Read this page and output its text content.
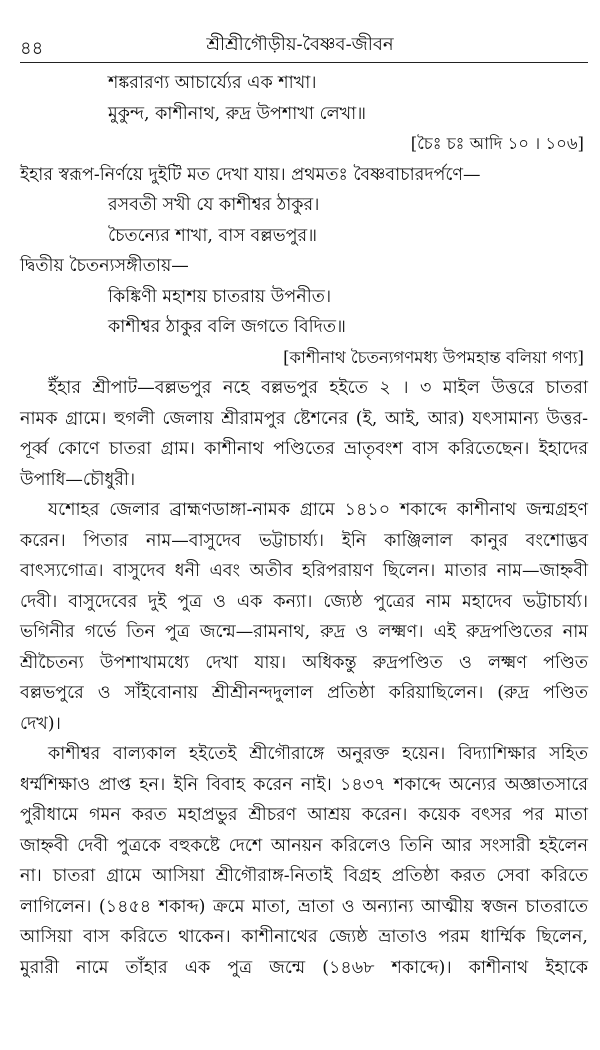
৪৪	শ্রীশ্রীগৌড়ীয়-বৈষ্ণব-জীবন
শঙ্করারণ্য আচার্য্যের এক শাখা।
মুকুন্দ, কাশীনাথ, রুদ্র উপশাখা লেখা॥
[চৈঃ চঃ আদি ১০ । ১০৬]
ইহার স্বরূপ-নির্ণয়ে দুইটি মত দেখা যায়। প্রথমতঃ বৈষ্ণবাচারদর্পণে—
রসবতী সখী যে কাশীশ্বর ঠাকুর।
চৈতন্যের শাখা, বাস বল্লভপুর॥
দ্বিতীয় চৈতন্যসঙ্গীতায়—
কিঙ্কিণী মহাশয় চাতরায় উপনীত।
কাশীশ্বর ঠাকুর বলি জগতে বিদিত॥
[কাশীনাথ চৈতন্যগণমধ্য উপমহান্ত বলিয়া গণ্য]
ইঁহার শ্রীপাট—বল্লভপুর নহে বল্লভপুর হইতে ২ । ৩ মাইল উত্তরে চাতরা
নামক গ্রামে। হুগলী জেলায় শ্রীরামপুর ষ্টেশনের (ই, আই, আর) যৎসামান্য উত্তর-
পূর্ব্ব কোণে চাতরা গ্রাম। কাশীনাথ পণ্ডিতের ভ্রাতৃবংশ বাস করিতেছেন। ইহাদের
উপাধি—চৌধুরী।
যশোহর জেলার ব্রাহ্মণডাঙ্গা-নামক গ্রামে ১৪১০ শকাব্দে কাশীনাথ জন্মগ্রহণ
করেন। পিতার নাম—বাসুদেব ভট্টাচার্য্য। ইনি কাঞ্জিলাল কানুর বংশোদ্ভব
বাৎস্যগোত্র। বাসুদেব ধনী এবং অতীব হরিপরায়ণ ছিলেন। মাতার নাম—জাহ্নবী
দেবী। বাসুদেবের দুই পুত্র ও এক কন্যা। জ্যেষ্ঠ পুত্রের নাম মহাদেব ভট্টাচার্য্য।
ভগিনীর গর্ভে তিন পুত্র জন্মে—রামনাথ, রুদ্র ও লক্ষ্মণ। এই রুদ্রপণ্ডিতের নাম
শ্রীচৈতন্য উপশাখামধ্যে দেখা যায়। অধিকন্তু রুদ্রপণ্ডিত ও লক্ষ্মণ পণ্ডিত
বল্লভপুরে ও সাঁইবোনায় শ্রীশ্রীনন্দদুলাল প্রতিষ্ঠা করিয়াছিলেন। (রুদ্র পণ্ডিত
দেখ)।
কাশীশ্বর বাল্যকাল হইতেই শ্রীগৌরাঙ্গে অনুরক্ত হয়েন। বিদ্যাশিক্ষার সহিত
ধর্ম্মশিক্ষাও প্রাপ্ত হন। ইনি বিবাহ করেন নাই। ১৪৩৭ শকাব্দে অন্যের অজ্ঞাতসারে
পুরীধামে গমন করত মহাপ্রভুর শ্রীচরণ আশ্রয় করেন। কয়েক বৎসর পর মাতা
জাহ্নবী দেবী পুত্রকে বহুকষ্টে দেশে আনয়ন করিলেও তিনি আর সংসারী হইলেন
না। চাতরা গ্রামে আসিয়া শ্রীগৌরাঙ্গ-নিতাই বিগ্রহ প্রতিষ্ঠা করত সেবা করিতে
লাগিলেন। (১৪৫৪ শকাব্দ) ক্রমে মাতা, ভ্রাতা ও অন্যান্য আত্মীয় স্বজন চাতরাতে
আসিয়া বাস করিতে থাকেন। কাশীনাথের জ্যেষ্ঠ ভ্রাতাও পরম ধার্ম্মিক ছিলেন,
মুরারী নামে তাঁহার এক পুত্র জন্মে (১৪৬৮ শকাব্দে)। কাশীনাথ ইহাকে
